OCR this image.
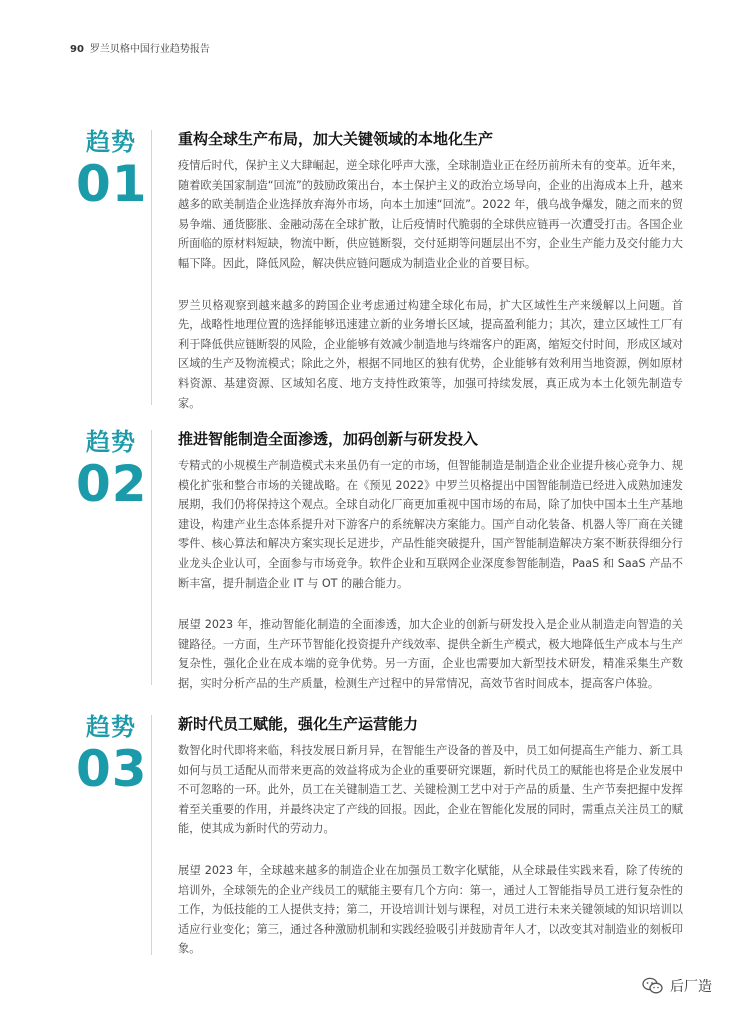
90 罗兰贝格中国行业趋势报告
趋势
01
重构全球生产布局，加大关键领域的本地化生产

疫情后时代，保护主义大肆崛起，逆全球化呼声大涨，全球制造业正在经历前所未有的变革。近年来，随着欧美国家制造“回流”的鼓励政策出台，本土保护主义的政治立场导向，企业的出海成本上升，越来越多的欧美制造企业选择放弃海外市场，向本土加速“回流”。2022 年，俄乌战争爆发，随之而来的贸易争端、通货膨胀、金融动荡在全球扩散，让后疫情时代脆弱的全球供应链再一次遭受打击。各国企业所面临的原材料短缺，物流中断，供应链断裂，交付延期等问题层出不穷，企业生产能力及交付能力大幅下降。因此，降低风险，解决供应链问题成为制造业企业的首要目标。

罗兰贝格观察到越来越多的跨国企业考虑通过构建全球化布局，扩大区域性生产来缓解以上问题。首先，战略性地理位置的选择能够迅速建立新的业务增长区域，提高盈利能力；其次，建立区域性工厂有利于降低供应链断裂的风险，企业能够有效减少制造地与终端客户的距离，缩短交付时间，形成区域对区域的生产及物流模式；除此之外，根据不同地区的独有优势，企业能够有效利用当地资源，例如原材料资源、基建资源、区域知名度、地方支持性政策等，加强可持续发展，真正成为本土化领先制造专家。

趋势
02
推进智能制造全面渗透，加码创新与研发投入

专精式的小规模生产制造模式未来虽仍有一定的市场，但智能制造是制造企业企业提升核心竞争力、规模化扩张和整合市场的关键战略。在《预见 2022》中罗兰贝格提出中国智能制造已经进入成熟加速发展期，我们仍将保持这个观点。全球自动化厂商更加重视中国市场的布局，除了加快中国本土生产基地建设，构建产业生态体系提升对下游客户的系统解决方案能力。国产自动化装备、机器人等厂商在关键零件、核心算法和解决方案实现长足进步，产品性能突破提升，国产智能制造解决方案不断获得细分行业龙头企业认可，全面参与市场竞争。软件企业和互联网企业深度参智能制造，PaaS 和 SaaS 产品不断丰富，提升制造企业 IT 与 OT 的融合能力。

展望 2023 年，推动智能化制造的全面渗透，加大企业的创新与研发投入是企业从制造走向智造的关键路径。一方面，生产环节智能化投资提升产线效率、提供全新生产模式，极大地降低生产成本与生产复杂性，强化企业在成本端的竞争优势。另一方面，企业也需要加大新型技术研发，精准采集生产数据，实时分析产品的生产质量，检测生产过程中的异常情况，高效节省时间成本，提高客户体验。

趋势
03
新时代员工赋能，强化生产运营能力

数智化时代即将来临，科技发展日新月异，在智能生产设备的普及中，员工如何提高生产能力、新工具如何与员工适配从而带来更高的效益将成为企业的重要研究课题，新时代员工的赋能也将是企业发展中不可忽略的一环。此外，员工在关键制造工艺、关键检测工艺中对于产品的质量、生产节奏把握中发挥着至关重要的作用，并最终决定了产线的回报。因此，企业在智能化发展的同时，需重点关注员工的赋能，使其成为新时代的劳动力。

展望 2023 年，全球越来越多的制造企业在加强员工数字化赋能，从全球最佳实践来看，除了传统的培训外，全球领先的企业产线员工的赋能主要有几个方向：第一，通过人工智能指导员工进行复杂性的工作，为低技能的工人提供支持；第二，开设培训计划与课程，对员工进行未来关键领域的知识培训以适应行业变化；第三，通过各种激励机制和实践经验吸引并鼓励青年人才，以改变其对制造业的刻板印象。

后厂造
